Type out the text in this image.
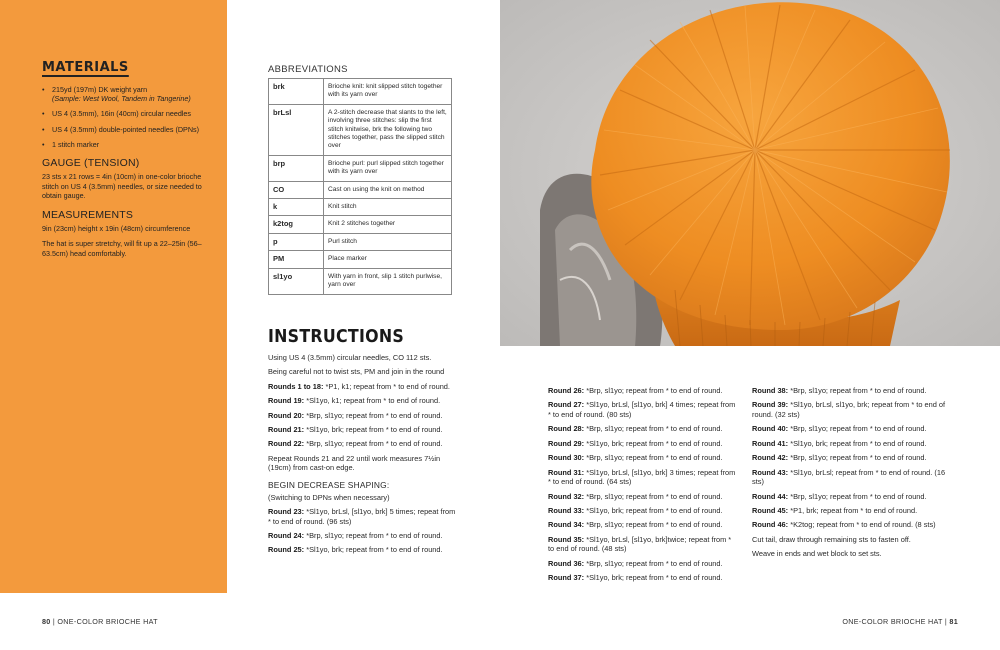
MATERIALS
• 215yd (197m) DK weight yarn
(Sample: West Wool, Tandem in Tangerine)
• US 4 (3.5mm), 16in (40cm) circular needles
• US 4 (3.5mm) double-pointed needles (DPNs)
• 1 stitch marker
GAUGE (TENSION)

23 sts x 21 rows = 4in (10cm) in one-color brioche stitch on US 4 (3.5mm) needles, or size needed to obtain gauge.

MEASUREMENTS

9in (23cm) height x 19in (48cm) circumference

The hat is super stretchy, will fit up a 22–25in (56–63.5cm) head comfortably.

ABBREVIATIONS
brk	Brioche knit: knit slipped stitch together with its yarn over
brLsl	A 2-stitch decrease that slants to the left, involving three stitches: slip the first stitch knitwise, brk the following two stitches together, pass the slipped stitch over
brp	Brioche purl: purl slipped stitch together with its yarn over
CO	Cast on using the knit on method
k	Knit stitch
k2tog	Knit 2 stitches together
p	Purl stitch
PM	Place marker
sl1yo	With yarn in front, slip 1 stitch purlwise, yarn over
INSTRUCTIONS

Using US 4 (3.5mm) circular needles, CO 112 sts.

Being careful not to twist sts, PM and join in the round

Rounds 1 to 18: *P1, k1; repeat from * to end of round.

Round 19: *Sl1yo, k1; repeat from * to end of round.

Round 20: *Brp, sl1yo; repeat from * to end of round.

Round 21: *Sl1yo, brk; repeat from * to end of round.

Round 22: *Brp, sl1yo; repeat from * to end of round.

Repeat Rounds 21 and 22 until work measures 7½in (19cm) from cast-on edge.

BEGIN DECREASE SHAPING:

(Switching to DPNs when necessary)

Round 23: *Sl1yo, brLsl, [sl1yo, brk] 5 times; repeat from * to end of round. (96 sts)

Round 24: *Brp, sl1yo; repeat from * to end of round.

Round 25: *Sl1yo, brk; repeat from * to end of round.

Round 26: *Brp, sl1yo; repeat from * to end of round.

Round 27: *Sl1yo, brLsl, [sl1yo, brk] 4 times; repeat from * to end of round. (80 sts)

Round 28: *Brp, sl1yo; repeat from * to end of round.

Round 29: *Sl1yo, brk; repeat from * to end of round.

Round 30: *Brp, sl1yo; repeat from * to end of round.

Round 31: *Sl1yo, brLsl, [sl1yo, brk] 3 times; repeat from * to end of round. (64 sts)

Round 32: *Brp, sl1yo; repeat from * to end of round.

Round 33: *Sl1yo, brk; repeat from * to end of round.

Round 34: *Brp, sl1yo; repeat from * to end of round.

Round 35: *Sl1yo, brLsl, [sl1yo, brk]twice; repeat from * to end of round. (48 sts)

Round 36: *Brp, sl1yo; repeat from * to end of round.

Round 37: *Sl1yo, brk; repeat from * to end of round.

Round 38: *Brp, sl1yo; repeat from * to end of round.

Round 39: *Sl1yo, brLsl, sl1yo, brk; repeat from * to end of round. (32 sts)

Round 40: *Brp, sl1yo; repeat from * to end of round.

Round 41: *Sl1yo, brk; repeat from * to end of round.

Round 42: *Brp, sl1yo; repeat from * to end of round.

Round 43: *Sl1yo, brLsl; repeat from * to end of round. (16 sts)

Round 44: *Brp, sl1yo; repeat from * to end of round.

Round 45: *P1, brk; repeat from * to end of round.

Round 46: *K2tog; repeat from * to end of round. (8 sts)

Cut tail, draw through remaining sts to fasten off.

Weave in ends and wet block to set sts.

80 | ONE-COLOR BRIOCHE HAT	ONE-COLOR BRIOCHE HAT | 81
